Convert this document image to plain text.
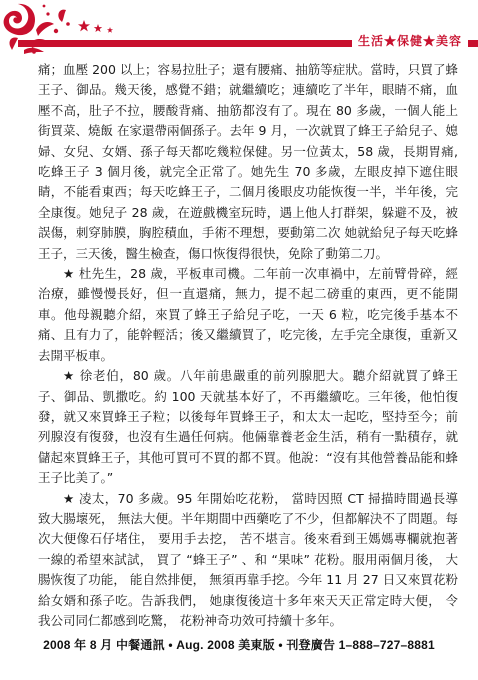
生活★保健★美容

痛；血壓 200 以上；容易拉肚子；還有腰痛、抽筋等症狀。當時，只買了蜂王子、御品。幾天後，感覺不錯；就繼續吃；連續吃了半年，眼睛不痛，血壓不高，肚子不拉，腰酸背痛、抽筋都沒有了。現在 80 多歲，一個人能上街買菜、燒飯 在家還帶兩個孫子。去年 9 月，一次就買了蜂王子給兒子、媳婦、女兒、女婿、孫子每天都吃幾粒保健。另一位黃太，58 歲，長期胃痛,吃蜂王子 3 個月後，就完全正常了。她先生 70 多歲，左眼皮掉下遮住眼睛，不能看東西；每天吃蜂王子，二個月後眼皮功能恢復一半，半年後，完全康復。她兒子 28 歲，在遊戲機室玩時，遇上他人打群架，躲避不及，被誤傷，刺穿肺膜，胸腔積血，手術不理想，要動第二次 她就給兒子每天吃蜂王子，三天後，醫生檢查，傷口恢復得很快，免除了動第二刀。

★ 杜先生，28 歲，平板車司機。二年前一次車禍中，左前臂骨碎，經治療，雖慢慢長好，但一直還痛，無力，提不起二磅重的東西，更不能開車。他母親聽介紹，來買了蜂王子給兒子吃，一天 6 粒，吃完後手基本不痛、且有力了，能幹輕活；後又繼續買了，吃完後，左手完全康復，重新又去開平板車。

★ 徐老伯，80 歲。八年前患嚴重的前列腺肥大。聽介紹就買了蜂王子、御品、凱撒吃。約 100 天就基本好了，不再繼續吃。三年後，他怕復發，就又來買蜂王子粒；以後每年買蜂王子，和太太一起吃，堅持至今；前列腺沒有復發，也沒有生過任何病。他倆靠養老金生活，稍有一點積存，就儲起來買蜂王子，其他可買可不買的都不買。他說：“沒有其他營養品能和蜂王子比美了。”

★ 凌太，70 多歲。95 年開始吃花粉， 當時因照 CT 掃描時間過長導致大腸壞死， 無法大便。半年期間中西藥吃了不少，但都解決不了問題。每次大便像石仔堵住， 要用手去挖， 苦不堪言。後來看到王媽媽專欄就抱著一線的希望來試試， 買了 “蜂王子” 、和 “果味” 花粉。服用兩個月後， 大腸恢復了功能， 能自然排便， 無須再靠手挖。今年 11 月 27 日又來買花粉給女婿和孫子吃。告訴我們， 她康復後這十多年來天天正常定時大便， 令我公司同仁都感到吃驚， 花粉神奇功效可持續十多年。

2008 年 8 月 中餐通訊 • Aug. 2008 美東版 • 刊登廣告 1–888–727–8881
